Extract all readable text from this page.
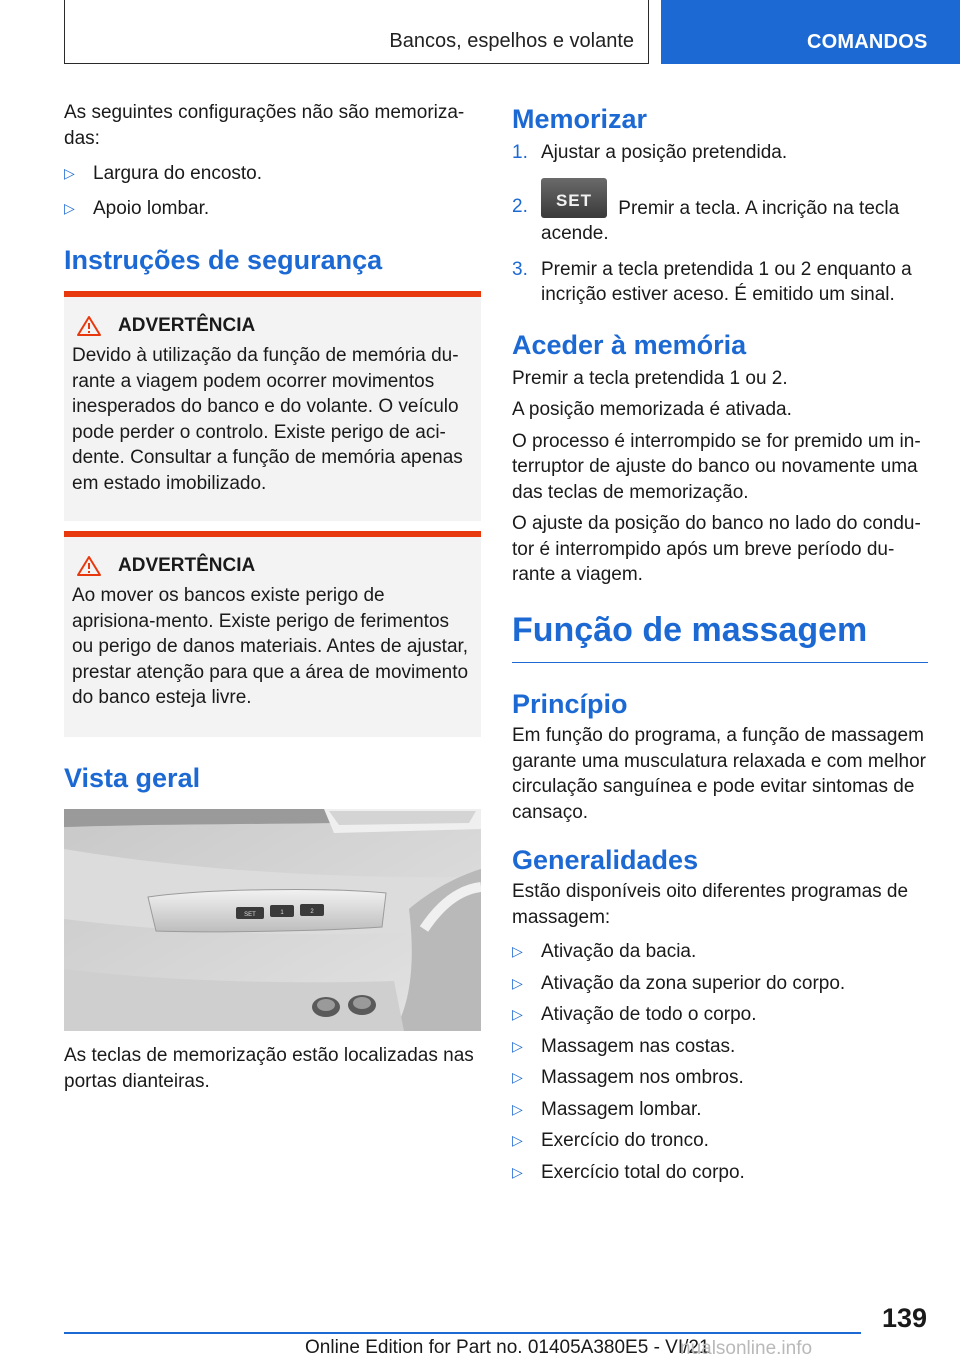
Bancos, espelhos e volante	COMANDOS

As seguintes configurações não são memoriza-das:

▷ Largura do encosto.
▷ Apoio lombar.
Instruções de segurança
ADVERTÊNCIA

Devido à utilização da função de memória du-rante a viagem podem ocorrer movimentos inesperados do banco e do volante. O veículo pode perder o controlo. Existe perigo de aci-dente. Consultar a função de memória apenas em estado imobilizado.

ADVERTÊNCIA

Ao mover os bancos existe perigo de aprisiona-mento. Existe perigo de ferimentos ou perigo de danos materiais. Antes de ajustar, prestar atenção para que a área de movimento do banco esteja livre.

Vista geral
SET	1	2

As teclas de memorização estão localizadas nas portas dianteiras.

Memorizar
1. Ajustar a posição pretendida.
2.	SET	Premir a tecla. A incrição na tecla acende.
3. Premir a tecla pretendida 1 ou 2 enquanto a incrição estiver aceso. É emitido um sinal.
Aceder à memória

Premir a tecla pretendida 1 ou 2.

A posição memorizada é ativada.

O processo é interrompido se for premido um in-terruptor de ajuste do banco ou novamente uma das teclas de memorização.

O ajuste da posição do banco no lado do condu-tor é interrompido após um breve período du-rante a viagem.

Função de massagem
Princípio

Em função do programa, a função de massagem garante uma musculatura relaxada e com melhor circulação sanguínea e pode evitar sintomas de cansaço.

Generalidades

Estão disponíveis oito diferentes programas de massagem:

▷ Ativação da bacia.
▷ Ativação da zona superior do corpo.
▷ Ativação de todo o corpo.
▷ Massagem nas costas.
▷ Massagem nos ombros.
▷ Massagem lombar.
▷ Exercício do tronco.
▷ Exercício total do corpo.
139
Online Edition for Part no. 01405A380E5 - VI/21
nualsonline.info
